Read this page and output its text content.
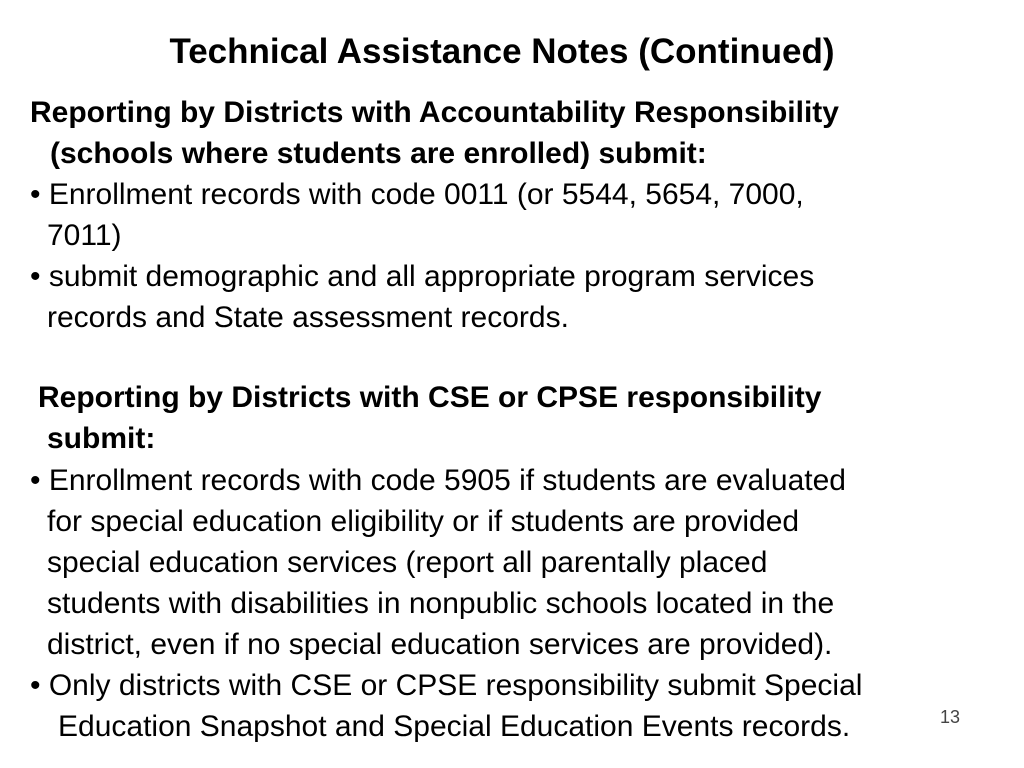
Technical Assistance Notes (Continued)
Reporting by Districts with Accountability Responsibility
(schools where students are enrolled) submit:
• Enrollment records with code 0011 (or 5544, 5654, 7000,
7011)
• submit demographic and all appropriate program services
records and State assessment records.
Reporting by Districts with CSE or CPSE responsibility
submit:
• Enrollment records with code 5905 if students are evaluated
for special education eligibility or if students are provided
special education services (report all parentally placed
students with disabilities in nonpublic schools located in the
district, even if no special education services are provided).
• Only districts with CSE or CPSE responsibility submit Special
Education Snapshot and Special Education Events records.	13
